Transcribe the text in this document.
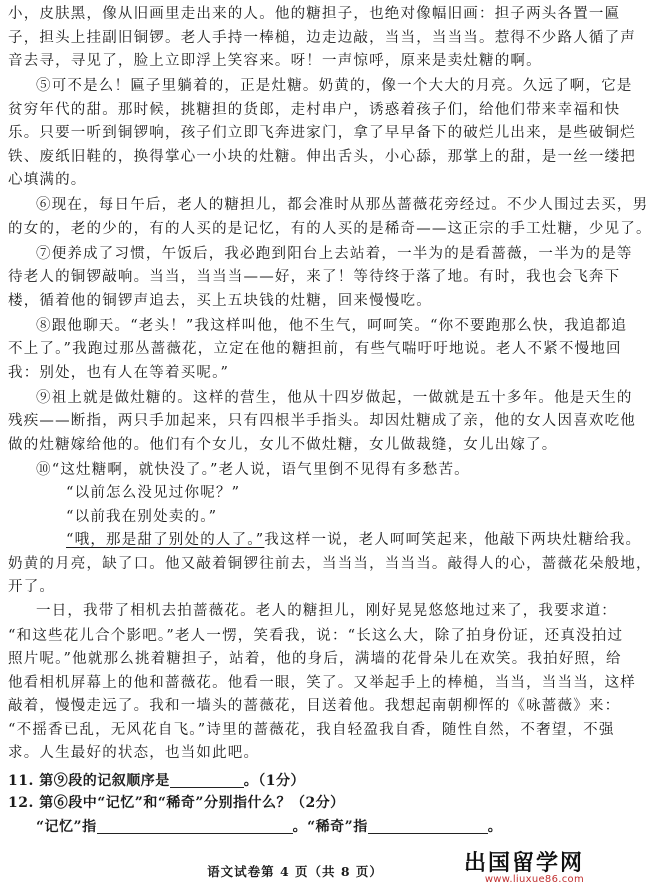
小，皮肤黑，像从旧画里走出来的人。他的糖担子，也绝对像幅旧画：担子两头各置一匾
子，担头上挂副旧铜锣。老人手持一棒槌，边走边敲，当当，当当当。惹得不少路人循了声
音去寻，寻见了，脸上立即浮上笑容来。呀！一声惊呼，原来是卖灶糖的啊。
⑤可不是么！匾子里躺着的，正是灶糖。奶黄的，像一个大大的月亮。久远了啊，它是
贫穷年代的甜。那时候，挑糖担的货郎，走村串户，诱惑着孩子们，给他们带来幸福和快
乐。只要一听到铜锣响，孩子们立即飞奔进家门，拿了早早备下的破烂儿出来，是些破铜烂
铁、废纸旧鞋的，换得掌心一小块的灶糖。伸出舌头，小心舔，那掌上的甜，是一丝一缕把
心填满的。
⑥现在，每日午后，老人的糖担儿，都会准时从那丛蔷薇花旁经过。不少人围过去买，男
的女的，老的少的，有的人买的是记忆，有的人买的是稀奇——这正宗的手工灶糖，少见了。
⑦便养成了习惯，午饭后，我必跑到阳台上去站着，一半为的是看蔷薇，一半为的是等
待老人的铜锣敲响。当当，当当当——好，来了！等待终于落了地。有时，我也会飞奔下
楼，循着他的铜锣声追去，买上五块钱的灶糖，回来慢慢吃。
⑧跟他聊天。“老头！”我这样叫他，他不生气，呵呵笑。“你不要跑那么快，我追都追
不上了。”我跑过那丛蔷薇花，立定在他的糖担前，有些气喘吁吁地说。老人不紧不慢地回
我：别处，也有人在等着买呢。”
⑨祖上就是做灶糖的。这样的营生，他从十四岁做起，一做就是五十多年。他是天生的
残疾——断指，两只手加起来，只有四根半手指头。却因灶糖成了亲，他的女人因喜欢吃他
做的灶糖嫁给他的。他们有个女儿，女儿不做灶糖，女儿做裁缝，女儿出嫁了。
⑩“这灶糖啊，就快没了。”老人说，语气里倒不见得有多愁苦。
“以前怎么没见过你呢？”
“以前我在别处卖的。”
“哦，那是甜了别处的人了。”我这样一说，老人呵呵笑起来，他敲下两块灶糖给我。
奶黄的月亮，缺了口。他又敲着铜锣往前去，当当当，当当当。敲得人的心，蔷薇花朵般地，
开了。
一日，我带了相机去拍蔷薇花。老人的糖担儿，刚好晃晃悠悠地过来了，我要求道：
“和这些花儿合个影吧。”老人一愣，笑看我，说：“长这么大，除了拍身份证，还真没拍过
照片呢。”他就那么挑着糖担子，站着，他的身后，满墙的花骨朵儿在欢笑。我拍好照，给
他看相机屏幕上的他和蔷薇花。他看一眼，笑了。又举起手上的棒槌，当当，当当当，这样
敲着，慢慢走远了。我和一墙头的蔷薇花，目送着他。我想起南朝柳恽的《咏蔷薇》来：
“不摇香已乱，无风花自飞。”诗里的蔷薇花，我自轻盈我自香，随性自然，不奢望，不强
求。人生最好的状态，也当如此吧。
语文试卷第 4 页（共 8 页）	出国留学网
www.liuxue86.com
11. 第⑨段的记叙顺序是	。（1分）
12. 第⑥段中“记忆”和“稀奇”分别指什么？（2分）
“记忆”指	。“稀奇”指	。
